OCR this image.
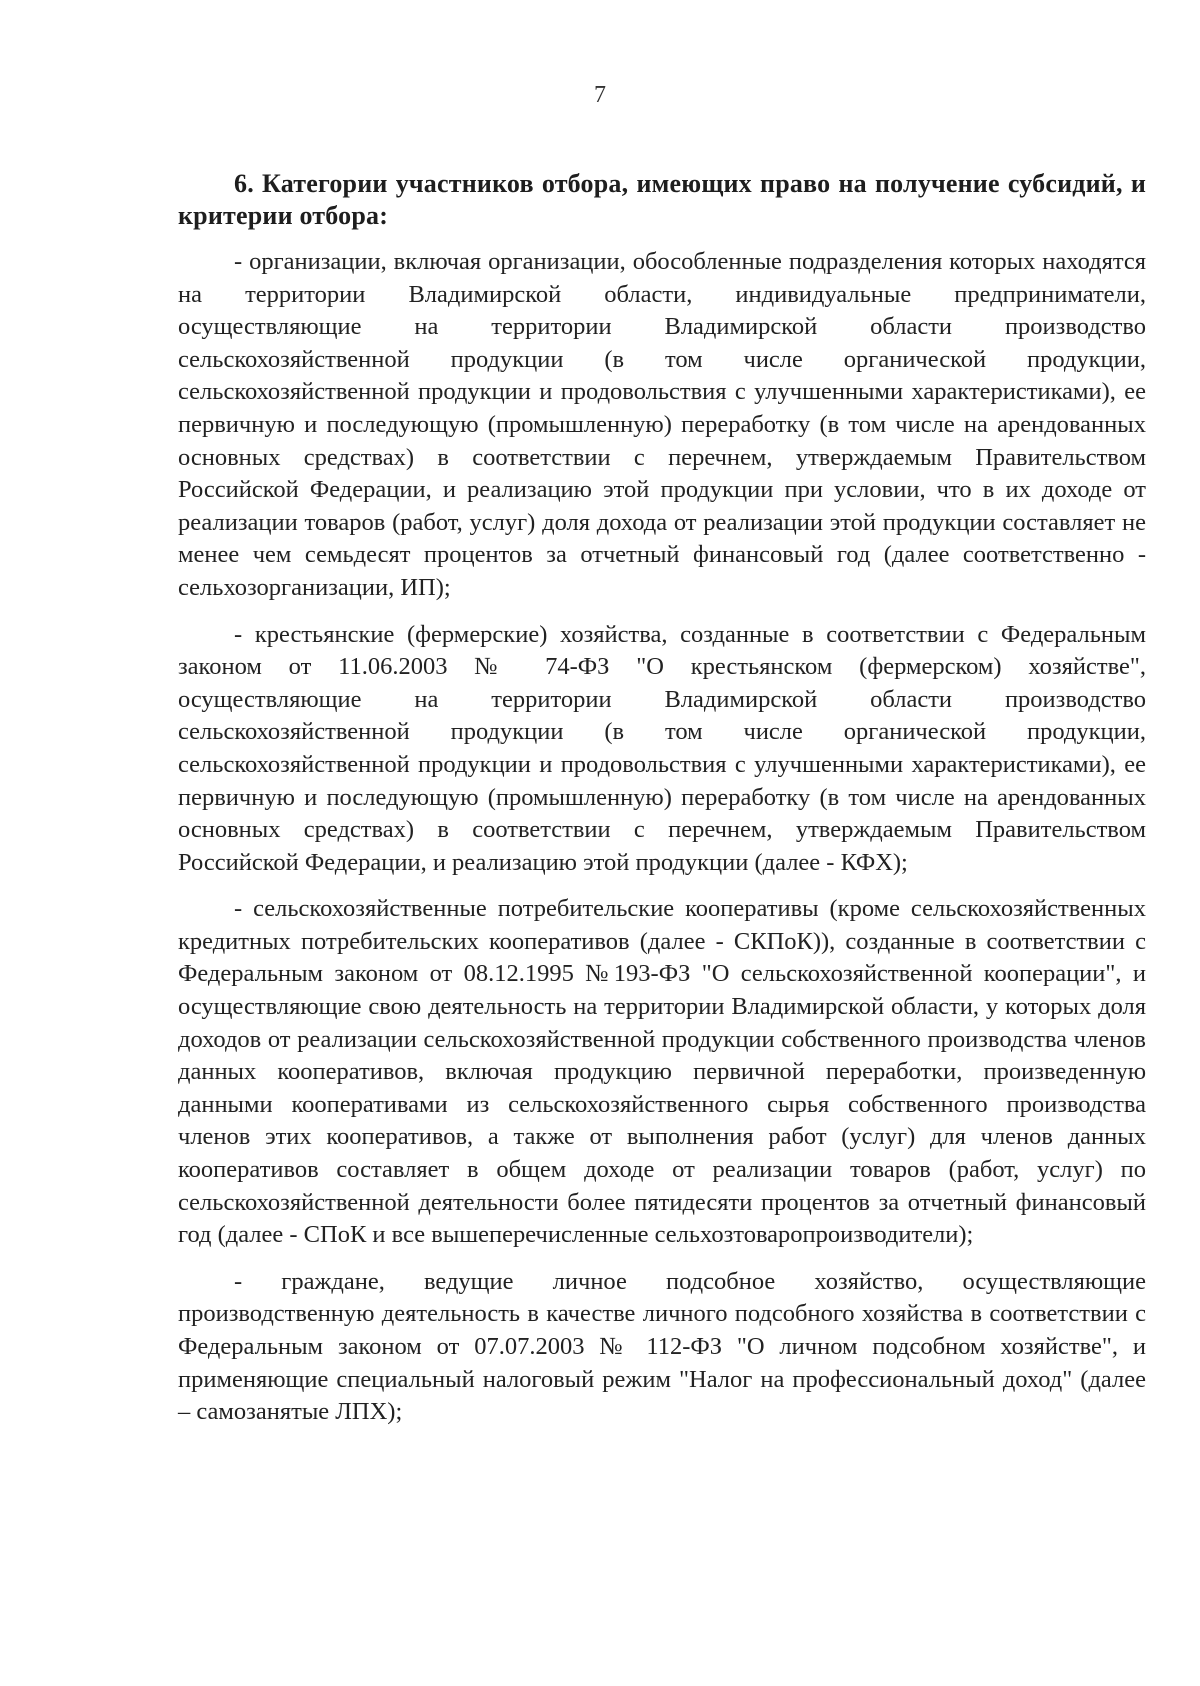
7

6. Категории участников отбора, имеющих право на получение субсидий, и критерии отбора:

- организации, включая организации, обособленные подразделения которых находятся на территории Владимирской области, индивидуальные предприниматели, осуществляющие на территории Владимирской области производство сельскохозяйственной продукции (в том числе органической продукции, сельскохозяйственной продукции и продовольствия с улучшенными характеристиками), ее первичную и последующую (промышленную) переработку (в том числе на арендованных основных средствах) в соответствии с перечнем, утверждаемым Правительством Российской Федерации, и реализацию этой продукции при условии, что в их доходе от реализации товаров (работ, услуг) доля дохода от реализации этой продукции составляет не менее чем семьдесят процентов за отчетный финансовый год (далее соответственно - сельхозорганизации, ИП);

- крестьянские (фермерские) хозяйства, созданные в соответствии с Федеральным законом от 11.06.2003 № 74-ФЗ "О крестьянском (фермерском) хозяйстве", осуществляющие на территории Владимирской области производство сельскохозяйственной продукции (в том числе органической продукции, сельскохозяйственной продукции и продовольствия с улучшенными характеристиками), ее первичную и последующую (промышленную) переработку (в том числе на арендованных основных средствах) в соответствии с перечнем, утверждаемым Правительством Российской Федерации, и реализацию этой продукции (далее - КФХ);

- сельскохозяйственные потребительские кооперативы (кроме сельскохозяйственных кредитных потребительских кооперативов (далее - СКПоК)), созданные в соответствии с Федеральным законом от 08.12.1995 №193-ФЗ "О сельскохозяйственной кооперации", и осуществляющие свою деятельность на территории Владимирской области, у которых доля доходов от реализации сельскохозяйственной продукции собственного производства членов данных кооперативов, включая продукцию первичной переработки, произведенную данными кооперативами из сельскохозяйственного сырья собственного производства членов этих кооперативов, а также от выполнения работ (услуг) для членов данных кооперативов составляет в общем доходе от реализации товаров (работ, услуг) по сельскохозяйственной деятельности более пятидесяти процентов за отчетный финансовый год (далее - СПоК и все вышеперечисленные сельхозтоваропроизводители);

- граждане, ведущие личное подсобное хозяйство, осуществляющие производственную деятельность в качестве личного подсобного хозяйства в соответствии с Федеральным законом от 07.07.2003 № 112-ФЗ "О личном подсобном хозяйстве", и применяющие специальный налоговый режим "Налог на профессиональный доход" (далее – самозанятые ЛПХ);
